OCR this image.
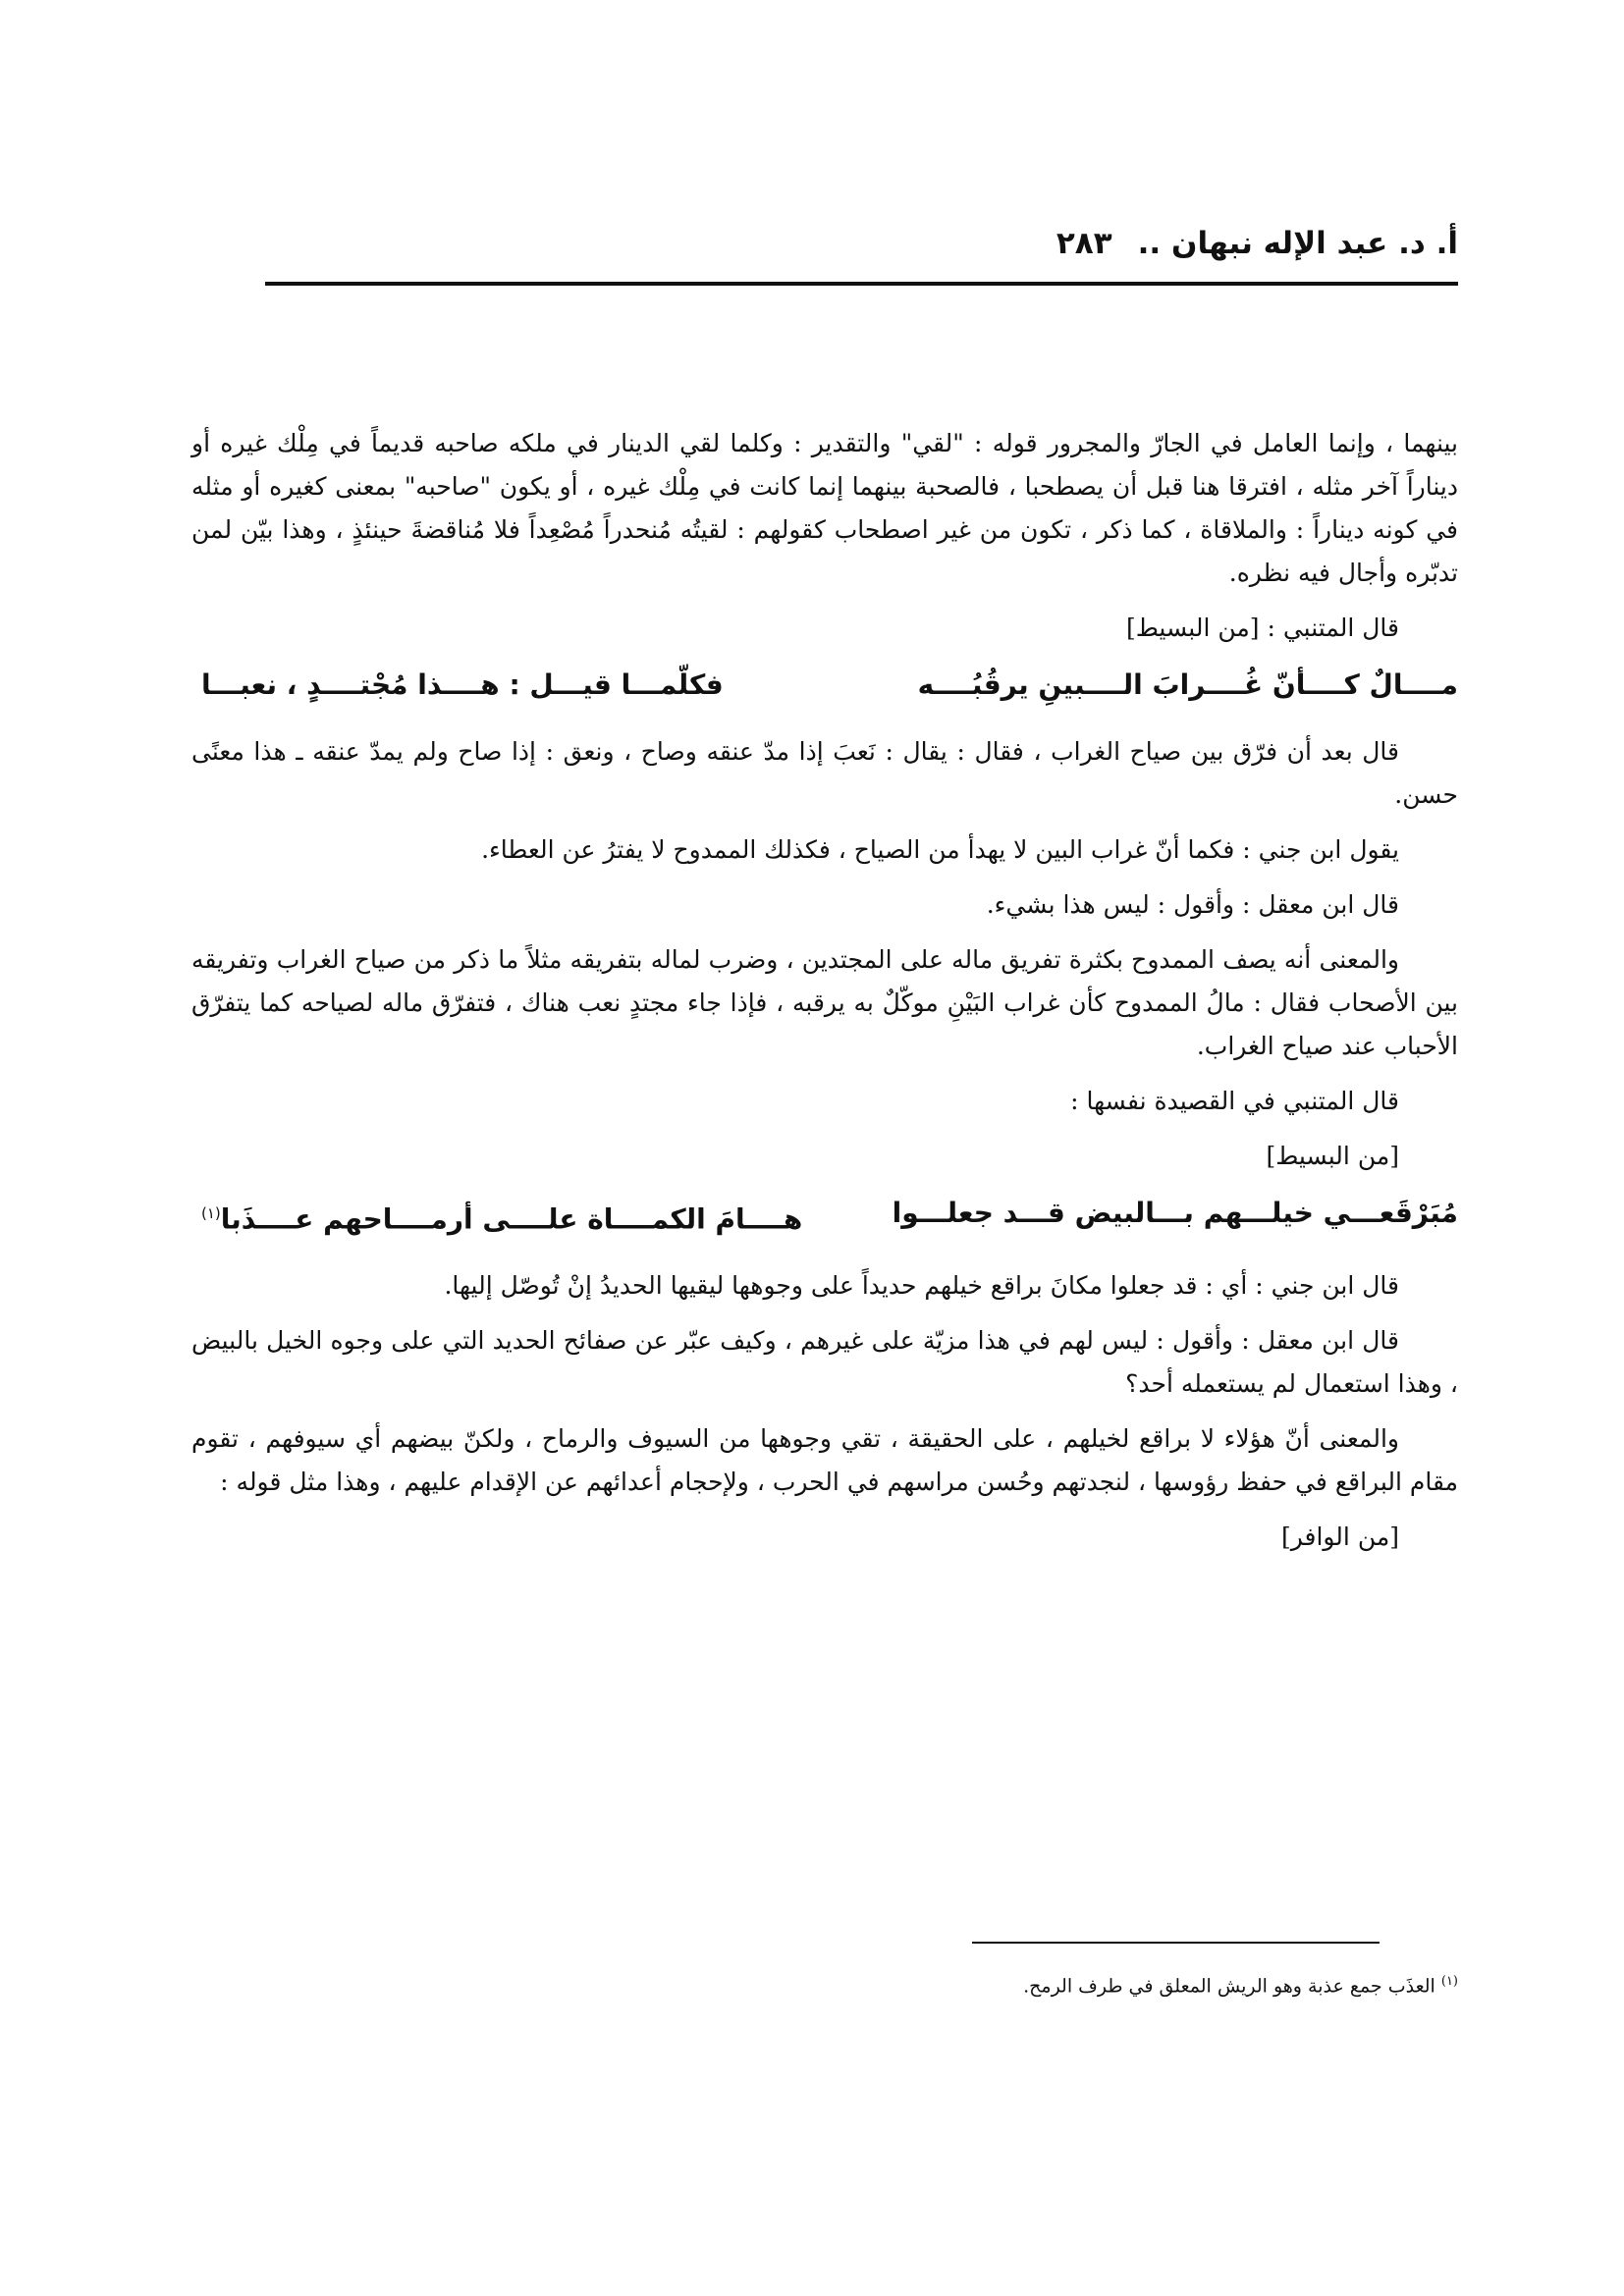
أ. د. عبد الإله نبهان ..
٢٨٣

بينهما ، وإنما العامل في الجارّ والمجرور قوله : "لقي" والتقدير : وكلما لقي الدينار في ملكه صاحبه قديماً في مِلْك غيره أو ديناراً آخر مثله ، افترقا هنا قبل أن يصطحبا ، فالصحبة بينهما إنما كانت في مِلْك غيره ، أو يكون "صاحبه" بمعنى كغيره أو مثله في كونه ديناراً : والملاقاة ، كما ذكر ، تكون من غير اصطحاب كقولهم : لقيتُه مُنحدراً مُصْعِداً فلا مُناقضةَ حينئذٍ ، وهذا بيّن لمن تدبّره وأجال فيه نظره.

قال المتنبي : [من البسيط]

مــــالٌ كــــأنّ غُــــرابَ الــــبينِ يرقُبُــــه
فكلّمـــا قيـــل : هــــذا مُجْتــــدٍ ، نعبـــا

قال بعد أن فرّق بين صياح الغراب ، فقال : يقال : نَعبَ إذا مدّ عنقه وصاح ، ونعق : إذا صاح ولم يمدّ عنقه ـ هذا معنًى حسن.

يقول ابن جني : فكما أنّ غراب البين لا يهدأ من الصياح ، فكذلك الممدوح لا يفترُ عن العطاء.

قال ابن معقل : وأقول : ليس هذا بشيء.

والمعنى أنه يصف الممدوح بكثرة تفريق ماله على المجتدين ، وضرب لماله بتفريقه مثلاً ما ذكر من صياح الغراب وتفريقه بين الأصحاب فقال : مالُ الممدوح كأن غراب البَيْنِ موكّلٌ به يرقبه ، فإذا جاء مجتدٍ نعب هناك ، فتفرّق ماله لصياحه كما يتفرّق الأحباب عند صياح الغراب.

قال المتنبي في القصيدة نفسها :

[من البسيط]

مُبَرْقَعـــي خيلـــهم بـــالبيض قـــد جعلـــوا
هــــامَ الكمــــاة علــــى أرمــــاحهم عــــذَبا$^{(١)}$

قال ابن جني : أي : قد جعلوا مكانَ براقع خيلهم حديداً على وجوهها ليقيها الحديدُ إنْ تُوصّل إليها.

قال ابن معقل : وأقول : ليس لهم في هذا مزيّة على غيرهم ، وكيف عبّر عن صفائح الحديد التي على وجوه الخيل بالبيض ، وهذا استعمال لم يستعمله أحد؟

والمعنى أنّ هؤلاء لا براقع لخيلهم ، على الحقيقة ، تقي وجوهها من السيوف والرماح ، ولكنّ بيضهم أي سيوفهم ، تقوم مقام البراقع في حفظ رؤوسها ، لنجدتهم وحُسن مراسهم في الحرب ، ولإحجام أعدائهم عن الإقدام عليهم ، وهذا مثل قوله :

[من الوافر]

$^{(١)}$ العذَب جمع عذبة وهو الريش المعلق في طرف الرمح.
